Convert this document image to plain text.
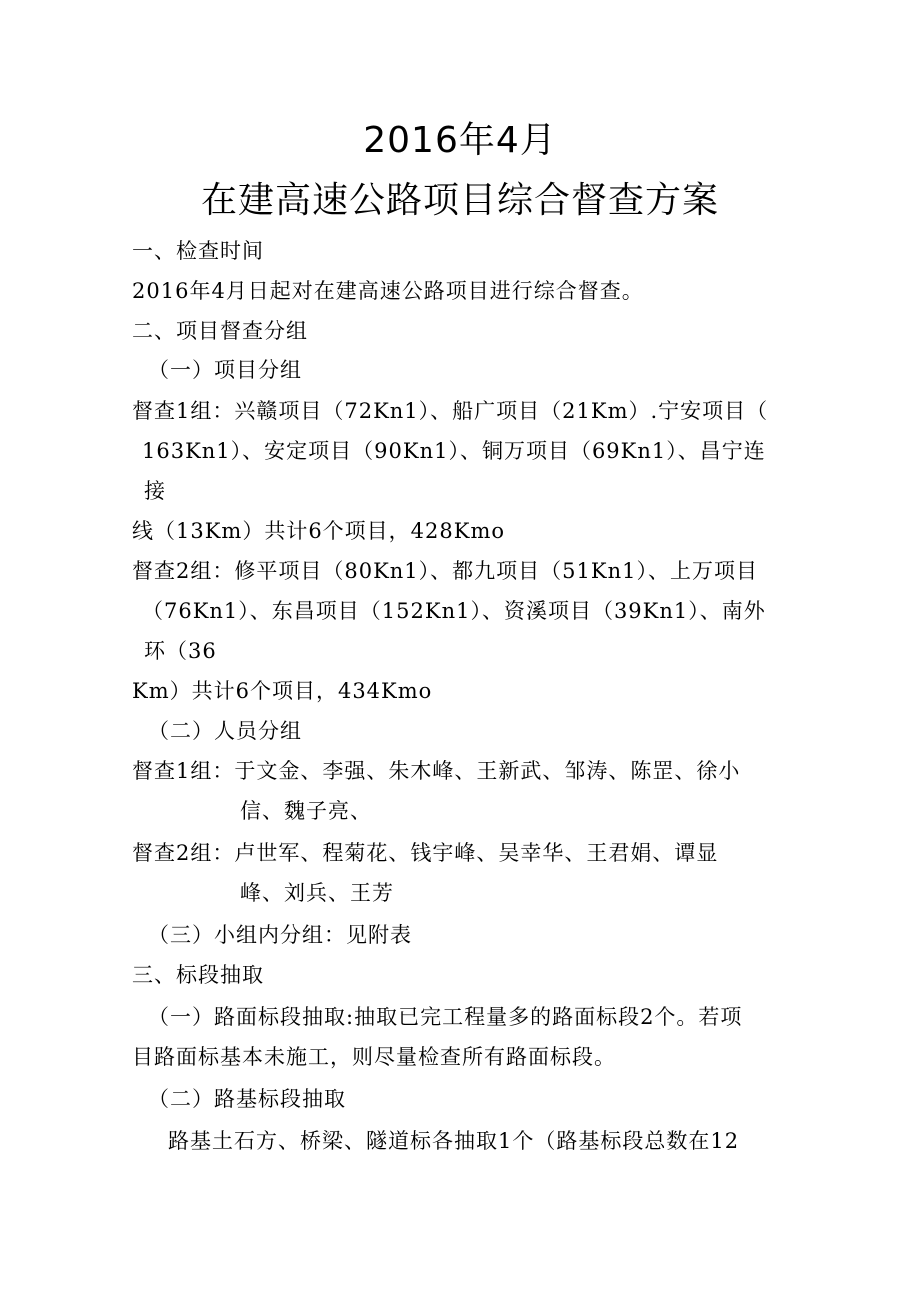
2016年4月
在建高速公路项目综合督查方案
一、检查时间
2016年4月日起对在建高速公路项目进行综合督查。
二、项目督查分组
（一）项目分组
督查1组：兴赣项目（72Kn1）、船广项目（21Km）.宁安项目（
163Kn1）、安定项目（90Kn1）、铜万项目（69Kn1）、昌宁连
接
线（13Km）共计6个项目，428Kmo
督查2组：修平项目（80Kn1）、都九项目（51Kn1）、上万项目
（76Kn1）、东昌项目（152Kn1）、资溪项目（39Kn1）、南外
环（36
Km）共计6个项目，434Kmo
（二）人员分组
督查1组：于文金、李强、朱木峰、王新武、邹涛、陈罡、徐小
信、魏子亮、
督查2组：卢世军、程菊花、钱宇峰、吴幸华、王君娟、谭显
峰、刘兵、王芳
（三）小组内分组：见附表
三、标段抽取
（一）路面标段抽取:抽取已完工程量多的路面标段2个。若项
目路面标基本未施工，则尽量检查所有路面标段。
（二）路基标段抽取
路基土石方、桥梁、隧道标各抽取1个（路基标段总数在12
